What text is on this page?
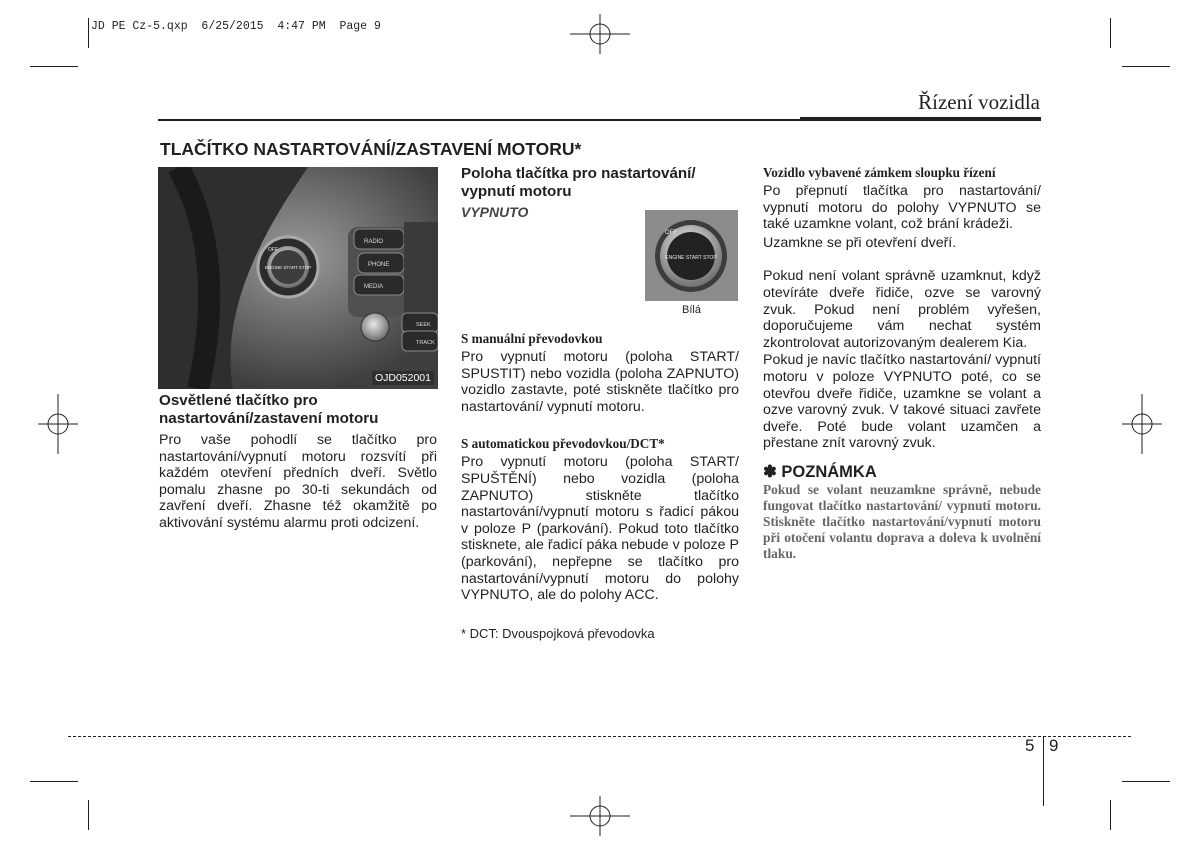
JD PE Cz-5.qxp  6/25/2015  4:47 PM  Page 9
Řízení vozidla
TLAČÍTKO NASTARTOVÁNÍ/ZASTAVENÍ MOTORU*
RADIO
PHONE
MEDIA
SEEK
TRACK
OFF
ENGINE START STOP
OJD052001
Osvětlené tlačítko pro nastartování/zastavení motoru

Pro vaše pohodlí se tlačítko pro nastartování/vypnutí motoru rozsvítí při každém otevření předních dveří. Světlo pomalu zhasne po 30-ti sekundách od zavření dveří. Zhasne též okamžitě po aktivování systému alarmu proti odcizení.

Poloha tlačítka pro nastartování/ vypnutí motoru
VYPNUTO
OFF
ENGINE START STOP
Bílá
S manuální převodovkou

Pro vypnutí motoru (poloha START/ SPUSTIT) nebo vozidla (poloha ZAPNUTO) vozidlo zastavte, poté stiskněte tlačítko pro nastartování/ vypnutí motoru.

S automatickou převodovkou/DCT*

Pro vypnutí motoru (poloha START/ SPUŠTĚNÍ) nebo vozidla (poloha ZAPNUTO) stiskněte tlačítko nastartování/vypnutí motoru s řadicí pákou v poloze P (parkování). Pokud toto tlačítko stisknete, ale řadicí páka nebude v poloze P (parkování), nepřepne se tlačítko pro nastartování/vypnutí motoru do polohy VYPNUTO, ale do polohy ACC.

* DCT: Dvouspojková převodovka

Vozidlo vybavené zámkem sloupku řízení

Po přepnutí tlačítka pro nastartování/ vypnutí motoru do polohy VYPNUTO se také uzamkne volant, což brání krádeži.

Uzamkne se při otevření dveří.

Pokud není volant správně uzamknut, když otevíráte dveře řidiče, ozve se varovný zvuk. Pokud není problém vyřešen, doporučujeme vám nechat systém zkontrolovat autorizovaným dealerem Kia.

Pokud je navíc tlačítko nastartování/ vypnutí motoru v poloze VYPNUTO poté, co se otevřou dveře řidiče, uzamkne se volant a ozve varovný zvuk. V takové situaci zavřete dveře. Poté bude volant uzamčen a přestane znít varovný zvuk.

✽ POZNÁMKA

Pokud se volant neuzamkne správně, nebude fungovat tlačítko nastartování/ vypnutí motoru. Stiskněte tlačítko nastartování/vypnutí motoru při otočení volantu doprava a doleva k uvolnění tlaku.

5 9
